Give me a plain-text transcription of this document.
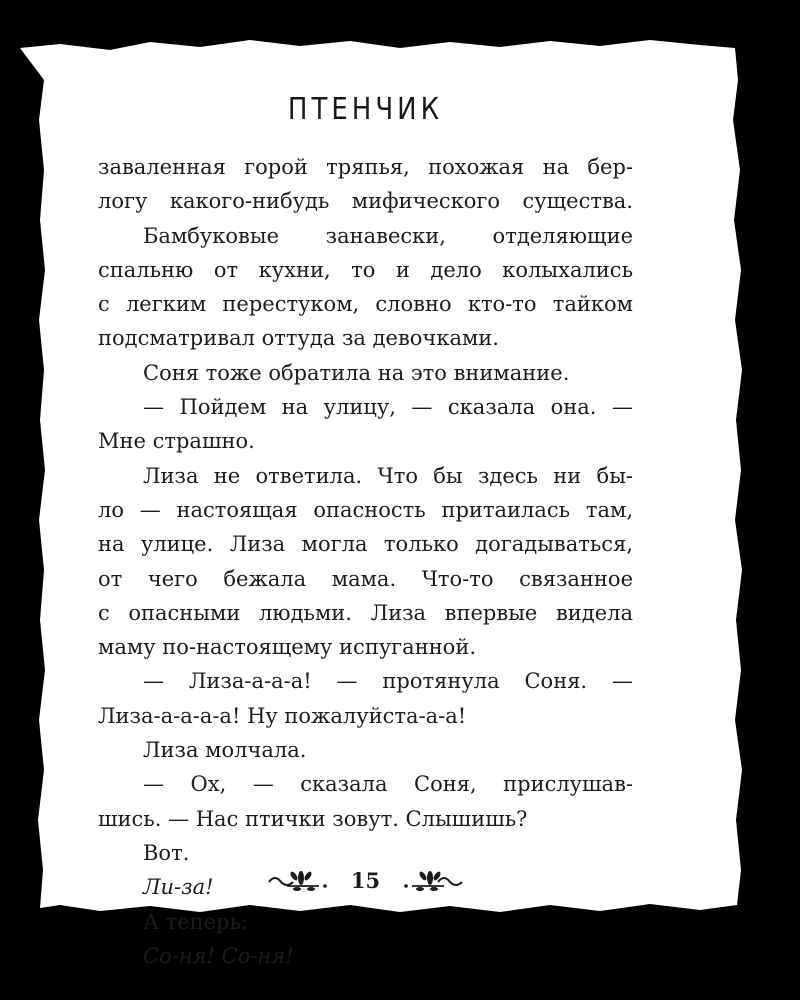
ПТЕНЧИК
заваленная горой тряпья, похожая на бер-
логу какого-нибудь мифического существа.
Бамбуковые занавески, отделяющие
спальню от кухни, то и дело колыхались
с легким перестуком, словно кто-то тайком
подсматривал оттуда за девочками.
Соня тоже обратила на это внимание.
— Пойдем на улицу, — сказала она. —
Мне страшно.
Лиза не ответила. Что бы здесь ни бы-
ло — настоящая опасность притаилась там,
на улице. Лиза могла только догадываться,
от чего бежала мама. Что-то связанное
с опасными людьми. Лиза впервые видела
маму по-настоящему испуганной.
— Лиза-а-а-а! — протянула Соня. —
Лиза-а-а-а-а! Ну пожалуйста-а-а!
Лиза молчала.
— Ох, — сказала Соня, прислушав-
шись. — Нас птички зовут. Слышишь?
Вот.
Ли-за!
А теперь:
Со-ня! Со-ня!
15
